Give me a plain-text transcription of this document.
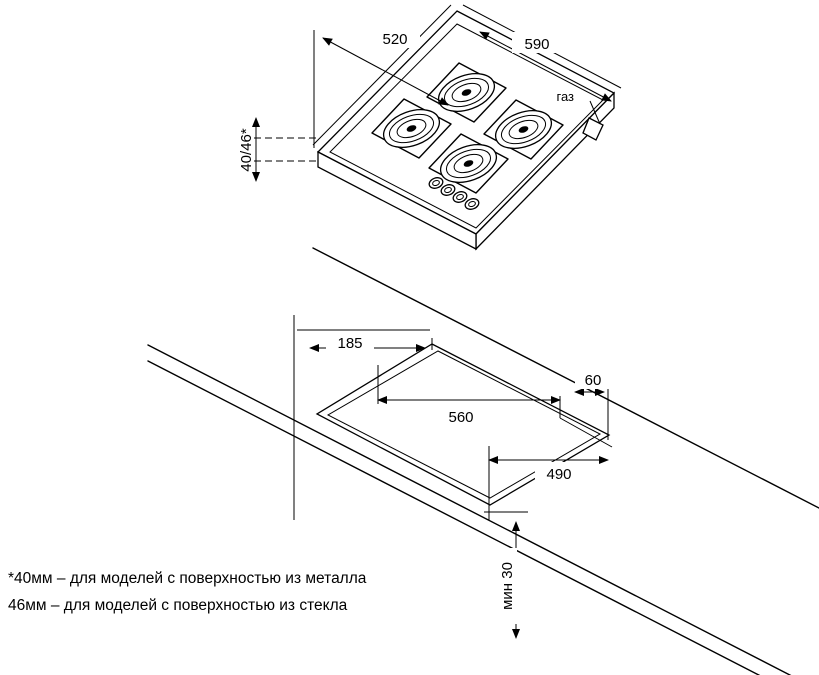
газ
520	590
40/46*
185
560
490
60
мин 30
*40мм – для моделей с поверхностью из металла
46мм – для моделей с поверхностью из стекла
